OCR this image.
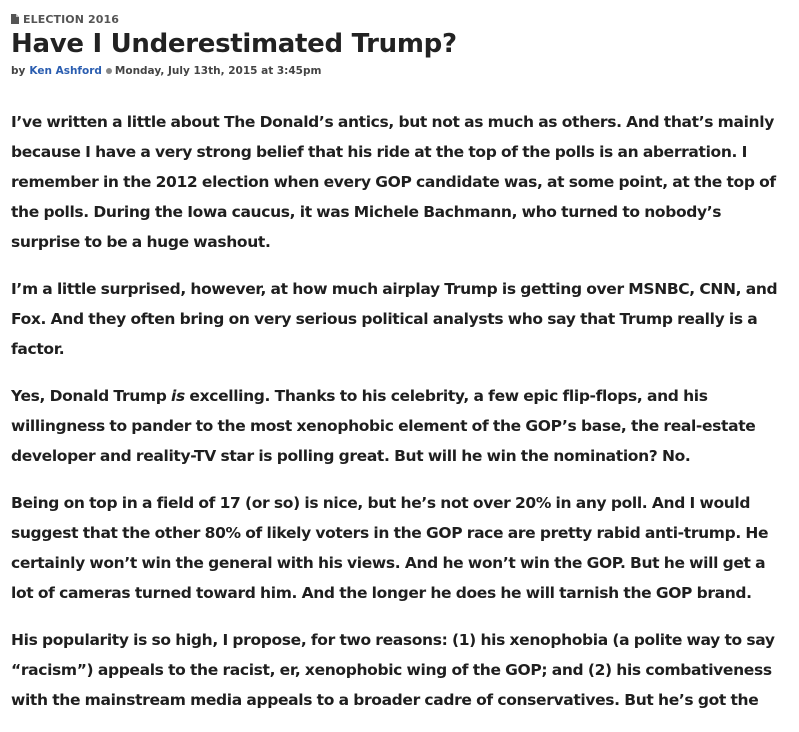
ELECTION 2016
Have I Underestimated Trump?
by Ken Ashford Monday, July 13th, 2015 at 3:45pm

I’ve written a little about The Donald’s antics, but not as much as others. And that’s mainly because I have a very strong belief that his ride at the top of the polls is an aberration. I remember in the 2012 election when every GOP candidate was, at some point, at the top of the polls. During the Iowa caucus, it was Michele Bachmann, who turned to nobody’s surprise to be a huge washout.

I’m a little surprised, however, at how much airplay Trump is getting over MSNBC, CNN, and Fox. And they often bring on very serious political analysts who say that Trump really is a factor.

Yes, Donald Trump is excelling. Thanks to his celebrity, a few epic flip-flops, and his willingness to pander to the most xenophobic element of the GOP’s base, the real-estate developer and reality-TV star is polling great. But will he win the nomination? No.

Being on top in a field of 17 (or so) is nice, but he’s not over 20% in any poll. And I would suggest that the other 80% of likely voters in the GOP race are pretty rabid anti-trump. He certainly won’t win the general with his views. And he won’t win the GOP. But he will get a lot of cameras turned toward him. And the longer he does he will tarnish the GOP brand.

His popularity is so high, I propose, for two reasons: (1) his xenophobia (a polite way to say “racism”) appeals to the racist, er, xenophobic wing of the GOP; and (2) his combativeness with the mainstream media appeals to a broader cadre of conservatives. But he’s got the
